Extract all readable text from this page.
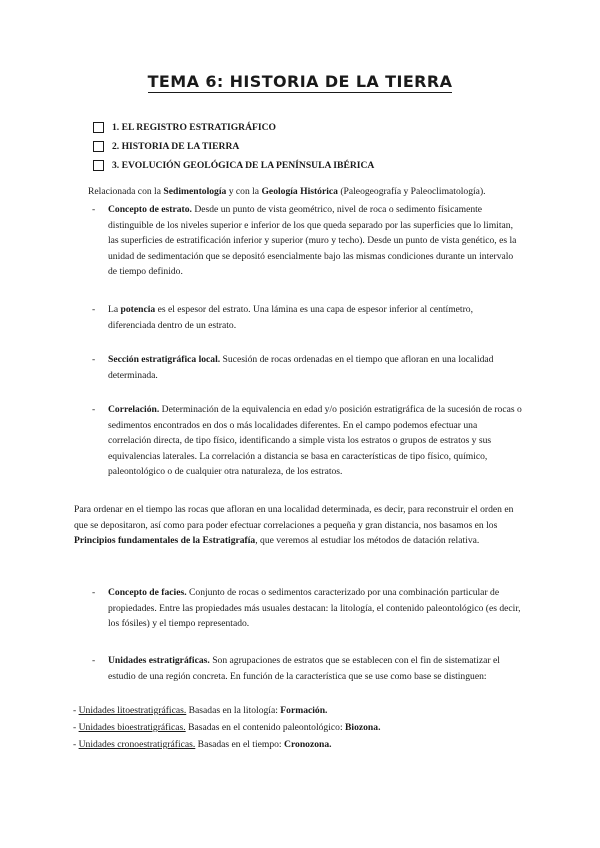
TEMA 6: HISTORIA DE LA TIERRA
1. EL REGISTRO ESTRATIGRÁFICO
2. HISTORIA DE LA TIERRA
3. EVOLUCIÓN GEOLÓGICA DE LA PENÍNSULA IBÉRICA
Relacionada con la Sedimentología y con la Geología Histórica (Paleogeografía y Paleoclimatología).
- Concepto de estrato. Desde un punto de vista geométrico, nivel de roca o sedimento físicamente distinguible de los niveles superior e inferior de los que queda separado por las superficies que lo limitan, las superficies de estratificación inferior y superior (muro y techo). Desde un punto de vista genético, es la unidad de sedimentación que se depositó esencialmente bajo las mismas condiciones durante un intervalo de tiempo definido.
- La potencia es el espesor del estrato. Una lámina es una capa de espesor inferior al centímetro, diferenciada dentro de un estrato.
- Sección estratigráfica local. Sucesión de rocas ordenadas en el tiempo que afloran en una localidad determinada.
- Correlación. Determinación de la equivalencia en edad y/o posición estratigráfica de la sucesión de rocas o sedimentos encontrados en dos o más localidades diferentes. En el campo podemos efectuar una correlación directa, de tipo físico, identificando a simple vista los estratos o grupos de estratos y sus equivalencias laterales. La correlación a distancia se basa en características de tipo físico, químico, paleontológico o de cualquier otra naturaleza, de los estratos.
Para ordenar en el tiempo las rocas que afloran en una localidad determinada, es decir, para reconstruir el orden en que se depositaron, así como para poder efectuar correlaciones a pequeña y gran distancia, nos basamos en los Principios fundamentales de la Estratigrafía, que veremos al estudiar los métodos de datación relativa.
- Concepto de facies. Conjunto de rocas o sedimentos caracterizado por una combinación particular de propiedades. Entre las propiedades más usuales destacan: la litología, el contenido paleontológico (es decir, los fósiles) y el tiempo representado.
- Unidades estratigráficas. Son agrupaciones de estratos que se establecen con el fin de sistematizar el estudio de una región concreta. En función de la característica que se use como base se distinguen:
- Unidades litoestratigráficas. Basadas en la litología: Formación.
- Unidades bioestratigráficas. Basadas en el contenido paleontológico: Biozona.
- Unidades cronoestratigráficas. Basadas en el tiempo: Cronozona.
